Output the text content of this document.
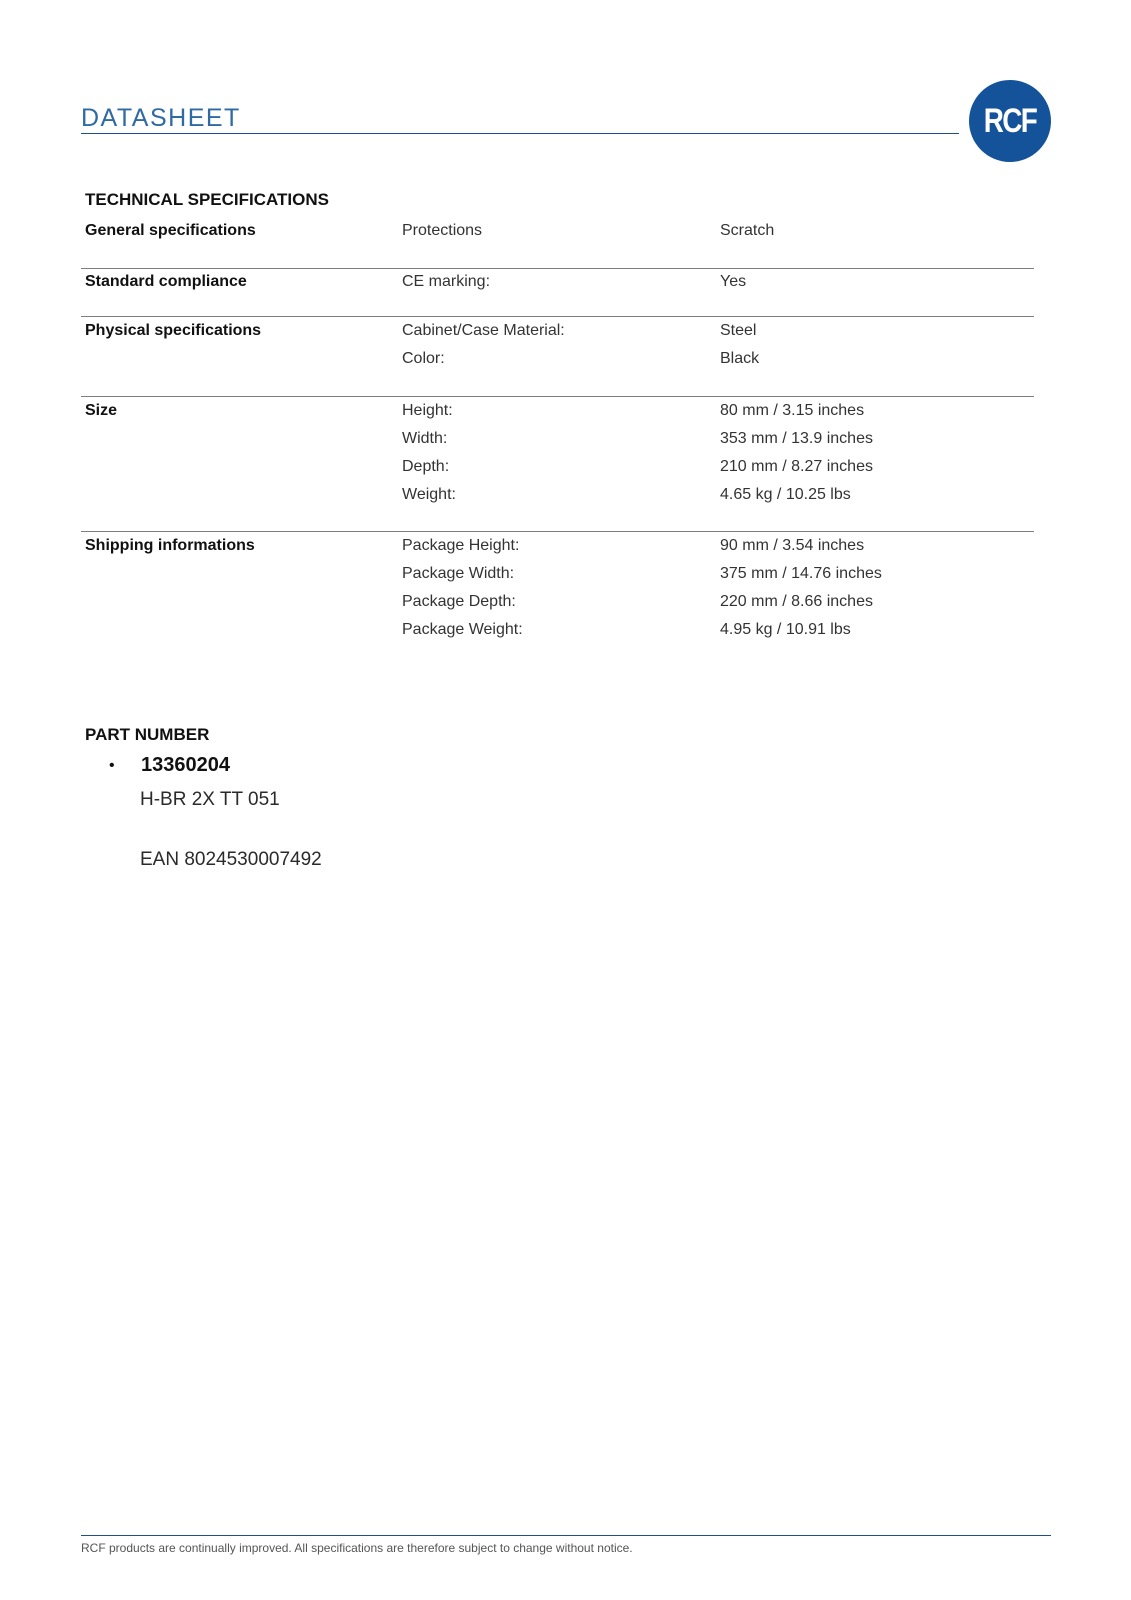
DATASHEET	RCF
TECHNICAL SPECIFICATIONS
General specifications	Protections	Scratch
Standard compliance	CE marking:	Yes
Physical specifications	Cabinet/Case Material:	Steel
Color:	Black
Size	Height:	80 mm / 3.15 inches
Width:	353 mm / 13.9 inches
Depth:	210 mm / 8.27 inches
Weight:	4.65 kg / 10.25 lbs
Shipping informations	Package Height:	90 mm / 3.54 inches
Package Width:	375 mm / 14.76 inches
Package Depth:	220 mm / 8.66 inches
Package Weight:	4.95 kg / 10.91 lbs
PART NUMBER
• 13360204
H-BR 2X TT 051
EAN 8024530007492
RCF products are continually improved. All specifications are therefore subject to change without notice.
